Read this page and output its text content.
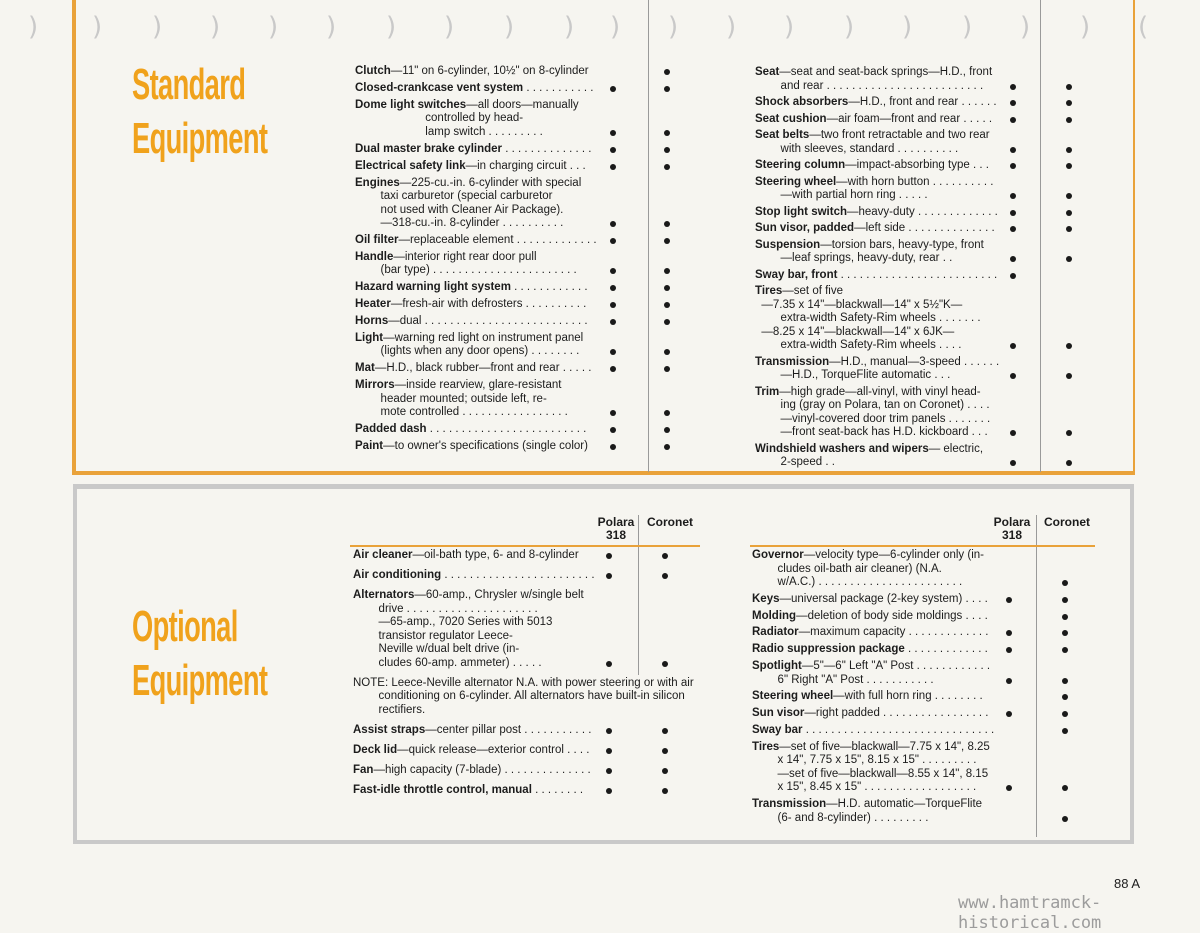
) ) ) ) ) ) ) ) ) ) ) ) ) ) ) ) ) ) ) (
Standard
Equipment
Clutch—11" on 6-cylinder, 10½" on 8-cylinder
Closed-crankcase vent system . . . . . . . . . . .
Dome light switches—all doors—manually
controlled by head-
lamp switch . . . . . . . . .
Dual master brake cylinder . . . . . . . . . . . . . .
Electrical safety link—in charging circuit . . .
Engines—225-cu.-in. 6-cylinder with special
taxi carburetor (special carburetor
not used with Cleaner Air Package).
—318-cu.-in. 8-cylinder . . . . . . . . . .
Oil filter—replaceable element . . . . . . . . . . . . .
Handle—interior right rear door pull
(bar type) . . . . . . . . . . . . . . . . . . . . . . .
Hazard warning light system . . . . . . . . . . . .
Heater—fresh-air with defrosters . . . . . . . . . .
Horns—dual . . . . . . . . . . . . . . . . . . . . . . . . . .
Light—warning red light on instrument panel
(lights when any door opens) . . . . . . . .
Mat—H.D., black rubber—front and rear . . . . .
Mirrors—inside rearview, glare-resistant
header mounted; outside left, re-
mote controlled . . . . . . . . . . . . . . . . .
Padded dash . . . . . . . . . . . . . . . . . . . . . . . . .
Paint—to owner's specifications (single color)
Seat—seat and seat-back springs—H.D., front
and rear . . . . . . . . . . . . . . . . . . . . . . . . .
Shock absorbers—H.D., front and rear . . . . . .
Seat cushion—air foam—front and rear . . . . .
Seat belts—two front retractable and two rear
with sleeves, standard . . . . . . . . . .
Steering column—impact-absorbing type . . .
Steering wheel—with horn button . . . . . . . . . .
—with partial horn ring . . . . .
Stop light switch—heavy-duty . . . . . . . . . . . . .
Sun visor, padded—left side . . . . . . . . . . . . . .
Suspension—torsion bars, heavy-type, front
—leaf springs, heavy-duty, rear . .
Sway bar, front . . . . . . . . . . . . . . . . . . . . . . . . .
Tires—set of five
—7.35 x 14"—blackwall—14" x 5½"K—
extra-width Safety-Rim wheels . . . . . . .
—8.25 x 14"—blackwall—14" x 6JK—
extra-width Safety-Rim wheels . . . .
Transmission—H.D., manual—3-speed . . . . . .
—H.D., TorqueFlite automatic . . .
Trim—high grade—all-vinyl, with vinyl head-
ing (gray on Polara, tan on Coronet) . . . .
—vinyl-covered door trim panels . . . . . . .
—front seat-back has H.D. kickboard . . .
Windshield washers and wipers— electric,
2-speed . .
Polara
318
Coronet	Polara
318
Coronet
Optional
Equipment
Air cleaner—oil-bath type, 6- and 8-cylinder
Air conditioning . . . . . . . . . . . . . . . . . . . . . . . .
Alternators—60-amp., Chrysler w/single belt
drive . . . . . . . . . . . . . . . . . . . . .
—65-amp., 7020 Series with 5013
transistor regulator Leece-
Neville w/dual belt drive (in-
cludes 60-amp. ammeter) . . . . .
NOTE: Leece-Neville alternator N.A. with power steering or with air
conditioning on 6-cylinder. All alternators have built-in silicon
rectifiers.
Assist straps—center pillar post . . . . . . . . . . .
Deck lid—quick release—exterior control . . . .
Fan—high capacity (7-blade) . . . . . . . . . . . . . .
Fast-idle throttle control, manual . . . . . . . .
Governor—velocity type—6-cylinder only (in-
cludes oil-bath air cleaner) (N.A.
w/A.C.) . . . . . . . . . . . . . . . . . . . . . . .
Keys—universal package (2-key system) . . . .
Molding—deletion of body side moldings . . . .
Radiator—maximum capacity . . . . . . . . . . . . .
Radio suppression package . . . . . . . . . . . . .
Spotlight—5"—6" Left "A" Post . . . . . . . . . . . .
6" Right "A" Post . . . . . . . . . . .
Steering wheel—with full horn ring . . . . . . . .
Sun visor—right padded . . . . . . . . . . . . . . . . .
Sway bar . . . . . . . . . . . . . . . . . . . . . . . . . . . . . .
Tires—set of five—blackwall—7.75 x 14", 8.25
x 14", 7.75 x 15", 8.15 x 15" . . . . . . . . .
—set of five—blackwall—8.55 x 14", 8.15
x 15", 8.45 x 15" . . . . . . . . . . . . . . . . . .
Transmission—H.D. automatic—TorqueFlite
(6- and 8-cylinder) . . . . . . . . .
88 A
www.hamtramck-historical.com
